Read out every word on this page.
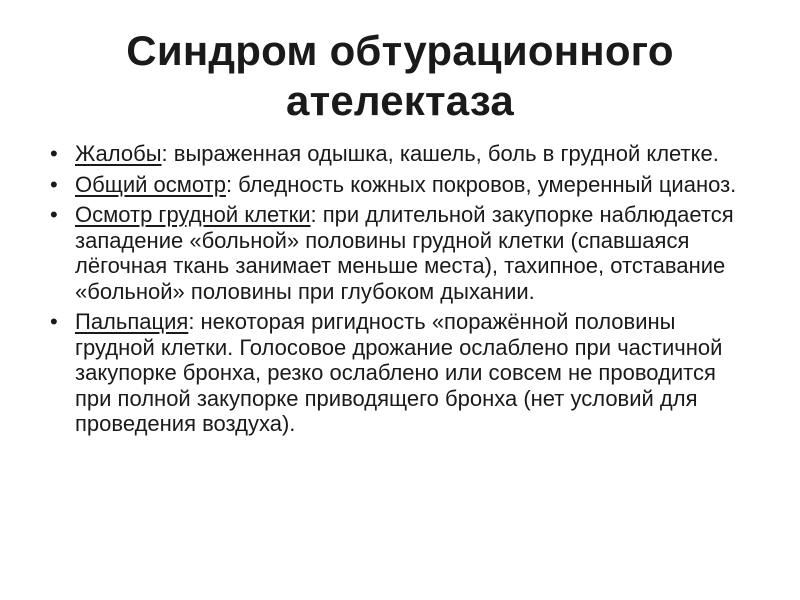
Синдром обтурационного
ателектаза
• Жалобы: выраженная одышка, кашель, боль в грудной клетке.
• Общий осмотр: бледность кожных покровов, умеренный цианоз.
• Осмотр грудной клетки: при длительной закупорке наблюдается западение «больной» половины грудной клетки (спавшаяся лёгочная ткань занимает меньше места), тахипное, отставание «больной» половины при глубоком дыхании.
• Пальпация: некоторая ригидность «поражённой половины грудной клетки. Голосовое дрожание ослаблено при частичной закупорке бронха, резко ослаблено или совсем не проводится при полной закупорке приводящего бронха (нет условий для проведения воздуха).
